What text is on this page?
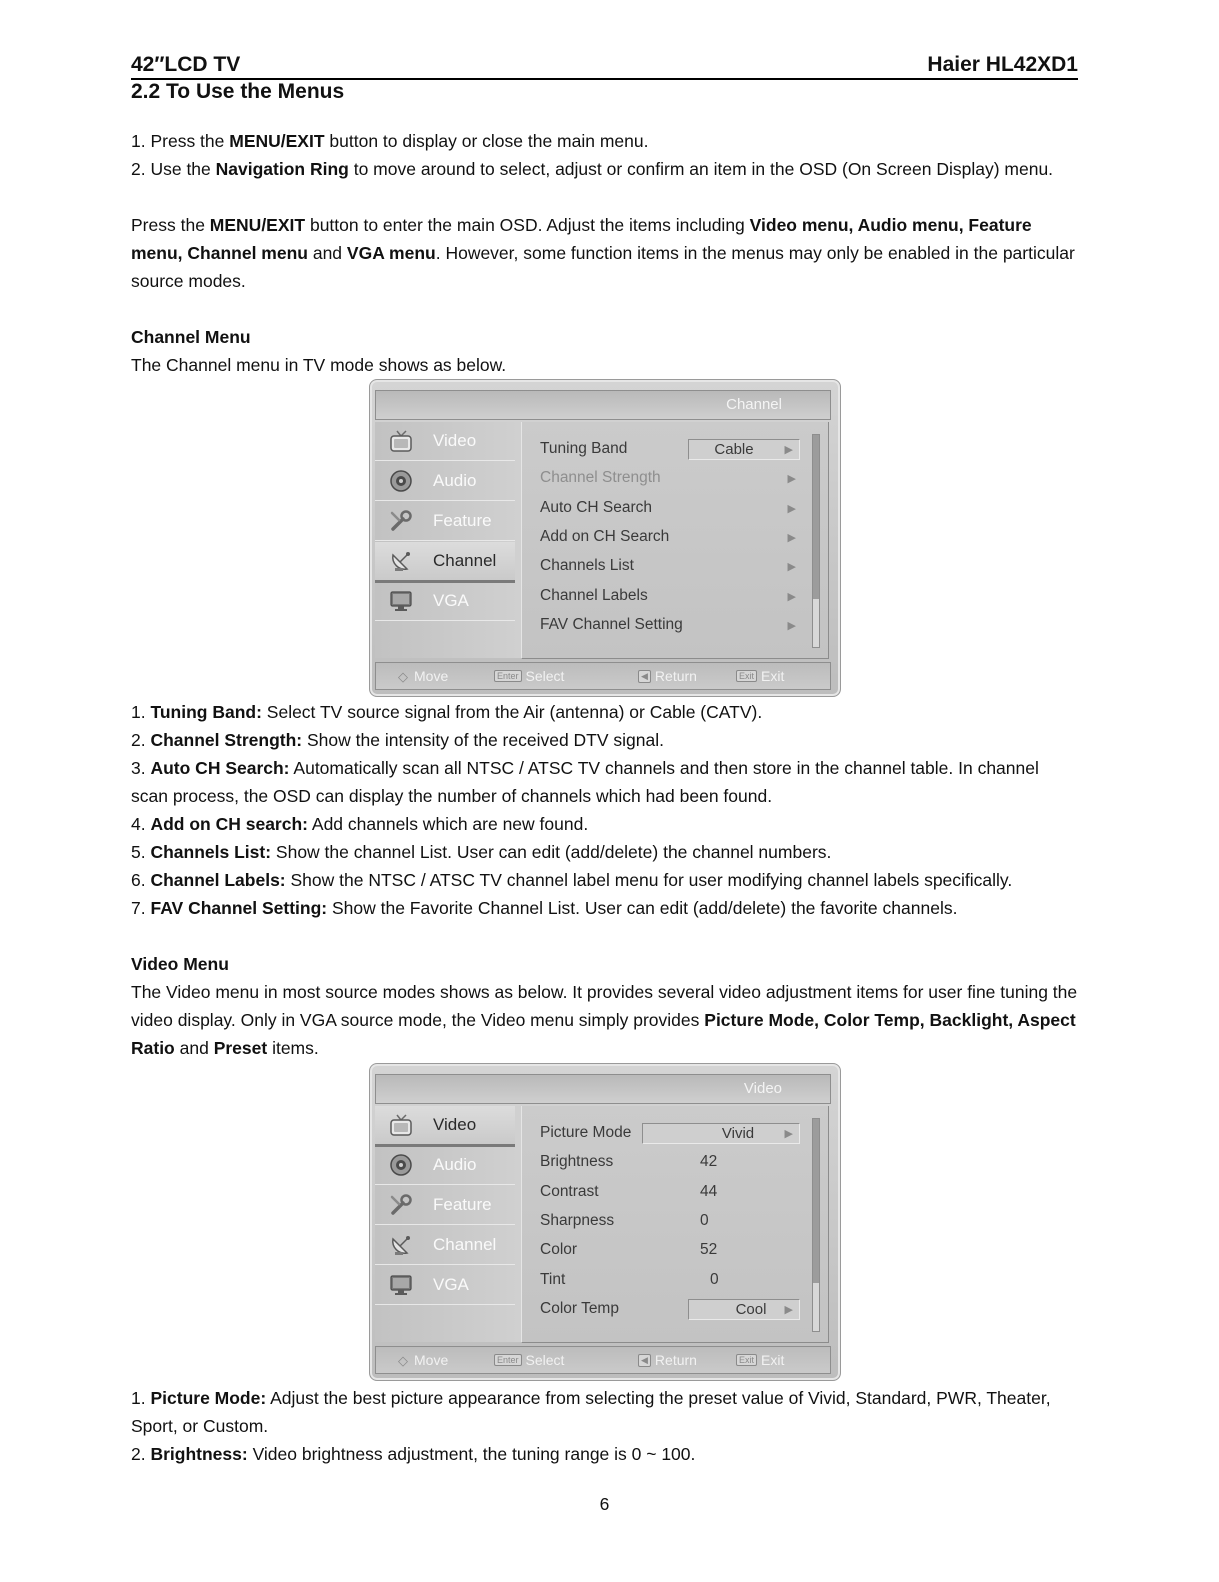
42″LCD TV	Haier HL42XD1
2.2 To Use the Menus
1. Press the MENU/EXIT button to display or close the main menu.
2. Use the Navigation Ring to move around to select, adjust or confirm an item in the OSD (On Screen Display) menu.
Press the MENU/EXIT button to enter the main OSD. Adjust the items including Video menu, Audio menu, Feature menu, Channel menu and VGA menu. However, some function items in the menus may only be enabled in the particular source modes.
Channel Menu
The Channel menu in TV mode shows as below.
Channel
Video
Audio
Feature
Channel
VGA
Tuning Band	Cable	▶
Channel Strength	▶
Auto CH Search	▶
Add on CH Search	▶
Channels List	▶
Channel Labels	▶
FAV Channel Setting	▶
◇ Move	Enter Select	◀ Return	Exit Exit
1. Tuning Band: Select TV source signal from the Air (antenna) or Cable (CATV).
2. Channel Strength: Show the intensity of the received DTV signal.
3. Auto CH Search: Automatically scan all NTSC / ATSC TV channels and then store in the channel table. In channel scan process, the OSD can display the number of channels which had been found.
4. Add on CH search: Add channels which are new found.
5. Channels List: Show the channel List. User can edit (add/delete) the channel numbers.
6. Channel Labels: Show the NTSC / ATSC TV channel label menu for user modifying channel labels specifically.
7. FAV Channel Setting: Show the Favorite Channel List. User can edit (add/delete) the favorite channels.
Video Menu
The Video menu in most source modes shows as below. It provides several video adjustment items for user fine tuning the video display. Only in VGA source mode, the Video menu simply provides Picture Mode, Color Temp, Backlight, Aspect Ratio and Preset items.
Video
Video
Audio
Feature
Channel
VGA
Picture Mode	Vivid	▶
Brightness	42
Contrast	44
Sharpness	0
Color	52
Tint	0
Color Temp	Cool	▶
◇ Move	Enter Select	◀ Return	Exit Exit
1. Picture Mode: Adjust the best picture appearance from selecting the preset value of Vivid, Standard, PWR, Theater, Sport, or Custom.
2. Brightness: Video brightness adjustment, the tuning range is 0 ~ 100.
6
